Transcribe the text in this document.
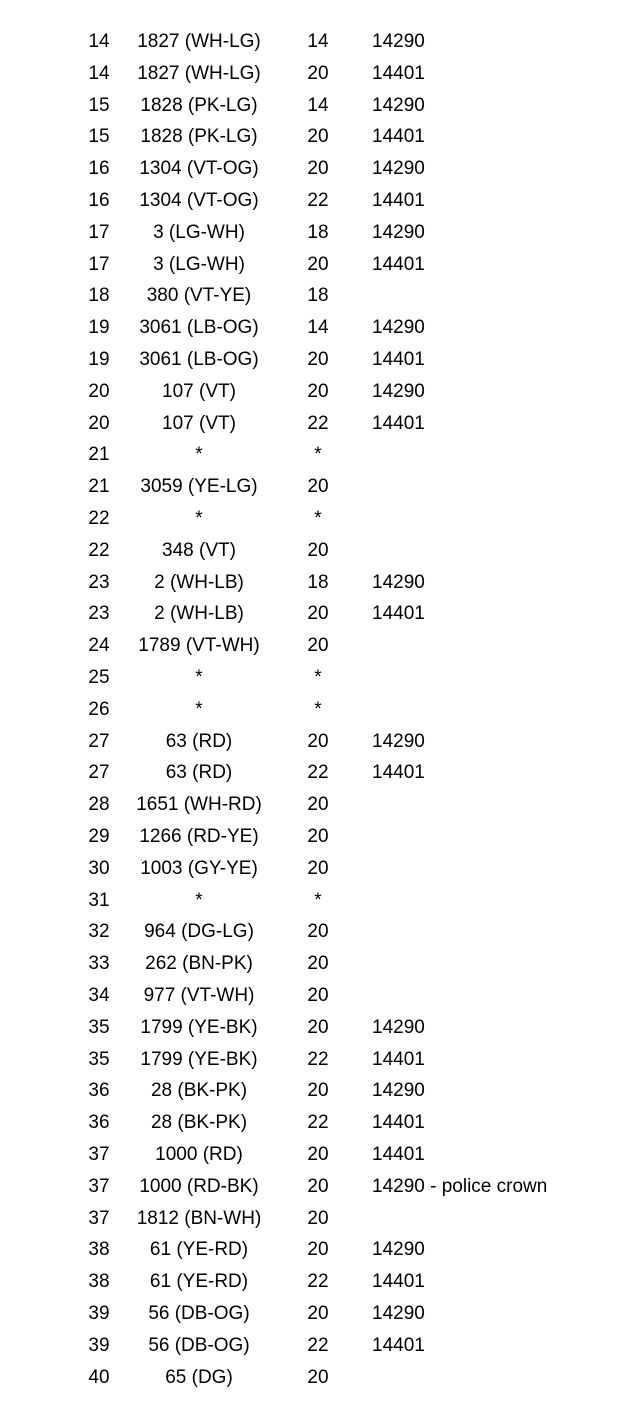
14	1827 (WH-LG)	14	14290
14	1827 (WH-LG)	20	14401
15	1828 (PK-LG)	14	14290
15	1828 (PK-LG)	20	14401
16	1304 (VT-OG)	20	14290
16	1304 (VT-OG)	22	14401
17	3 (LG-WH)	18	14290
17	3 (LG-WH)	20	14401
18	380 (VT-YE)	18
19	3061 (LB-OG)	14	14290
19	3061 (LB-OG)	20	14401
20	107 (VT)	20	14290
20	107 (VT)	22	14401
21	*	*
21	3059 (YE-LG)	20
22	*	*
22	348 (VT)	20
23	2 (WH-LB)	18	14290
23	2 (WH-LB)	20	14401
24	1789 (VT-WH)	20
25	*	*
26	*	*
27	63 (RD)	20	14290
27	63 (RD)	22	14401
28	1651 (WH-RD)	20
29	1266 (RD-YE)	20
30	1003 (GY-YE)	20
31	*	*
32	964 (DG-LG)	20
33	262 (BN-PK)	20
34	977 (VT-WH)	20
35	1799 (YE-BK)	20	14290
35	1799 (YE-BK)	22	14401
36	28 (BK-PK)	20	14290
36	28 (BK-PK)	22	14401
37	1000 (RD)	20	14401
37	1000 (RD-BK)	20	14290 - police crown
37	1812 (BN-WH)	20
38	61 (YE-RD)	20	14290
38	61 (YE-RD)	22	14401
39	56 (DB-OG)	20	14290
39	56 (DB-OG)	22	14401
40	65 (DG)	20
